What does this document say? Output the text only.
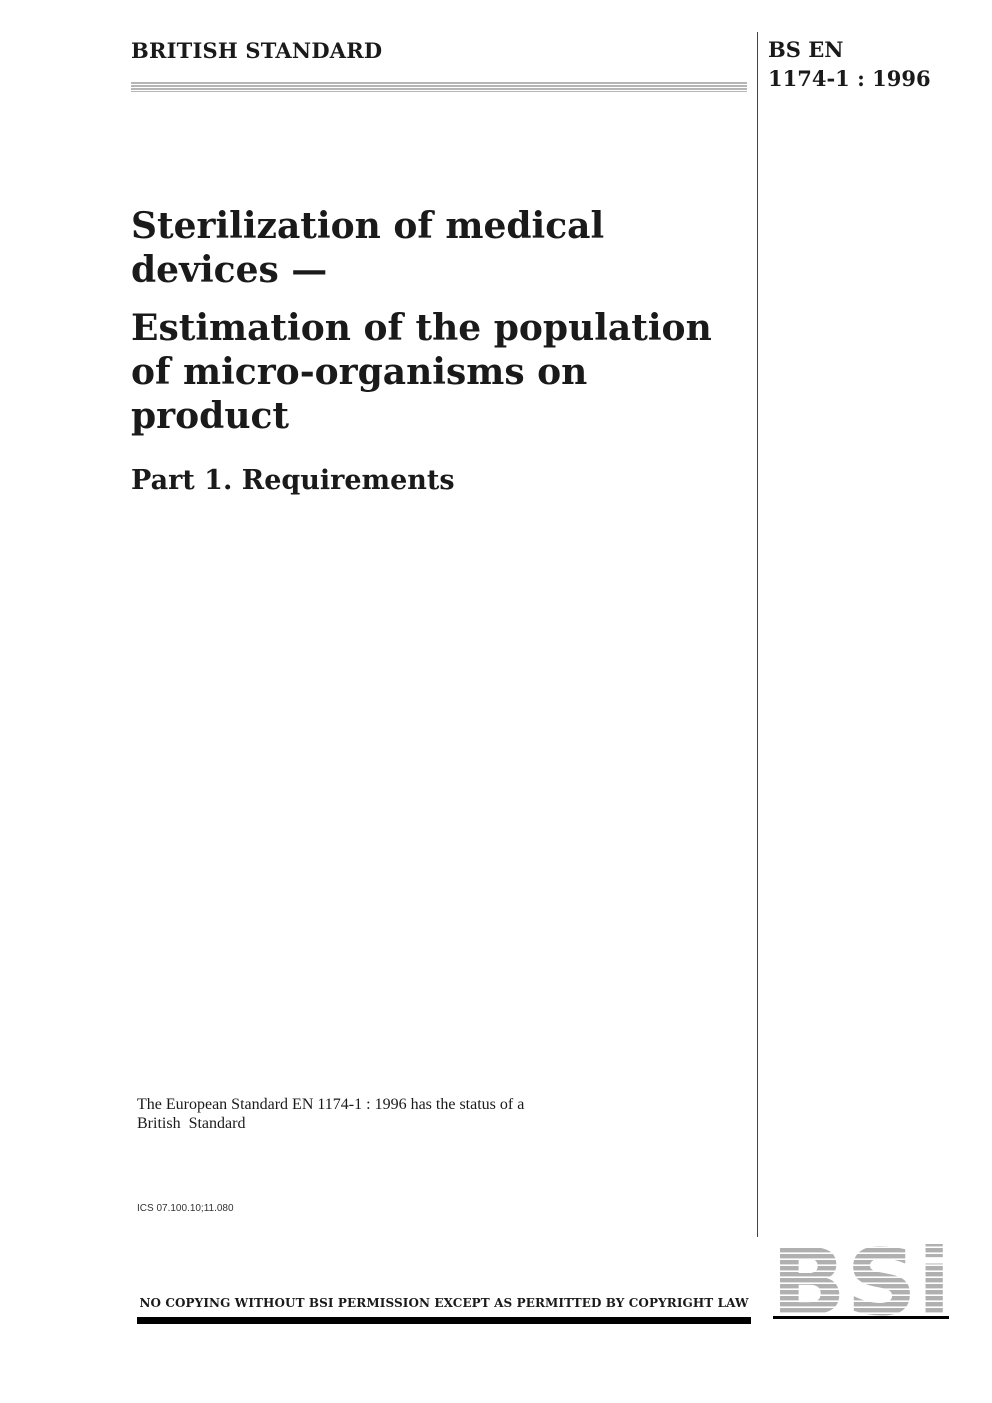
BRITISH STANDARD	BS EN
1174-1 : 1996
Sterilization of medical devices —
Estimation of the population of micro-organisms on product
Part 1. Requirements
The European Standard EN 1174-1 : 1996 has the status of a
British  Standard
ICS 07.100.10;11.080
NO COPYING WITHOUT BSI PERMISSION EXCEPT AS PERMITTED BY COPYRIGHT LAW
